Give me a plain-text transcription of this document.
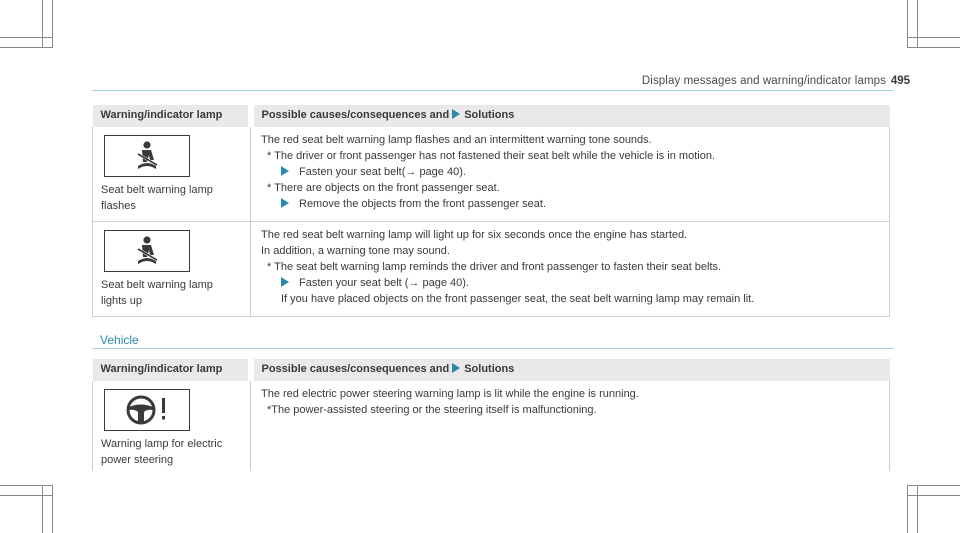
Display messages and warning/indicator lamps 495
Warning/indicator lamp	Possible causes/consequences and Solutions

Seat belt warning lamp
flashes	The red seat belt warning lamp flashes and an intermittent warning tone sounds.
* The driver or front passenger has not fastened their seat belt while the vehicle is in motion.
Fasten your seat belt(→ page 40).
* There are objects on the front passenger seat.
Remove the objects from the front passenger seat.

Seat belt warning lamp
lights up	The red seat belt warning lamp will light up for six seconds once the engine has started.
In addition, a warning tone may sound.
* The seat belt warning lamp reminds the driver and front passenger to fasten their seat belts.
Fasten your seat belt (→ page 40).
If you have placed objects on the front passenger seat, the seat belt warning lamp may remain lit.
Vehicle
Warning/indicator lamp	Possible causes/consequences and Solutions

Warning lamp for electric
power steering	The red electric power steering warning lamp is lit while the engine is running.
*The power-assisted steering or the steering itself is malfunctioning.
